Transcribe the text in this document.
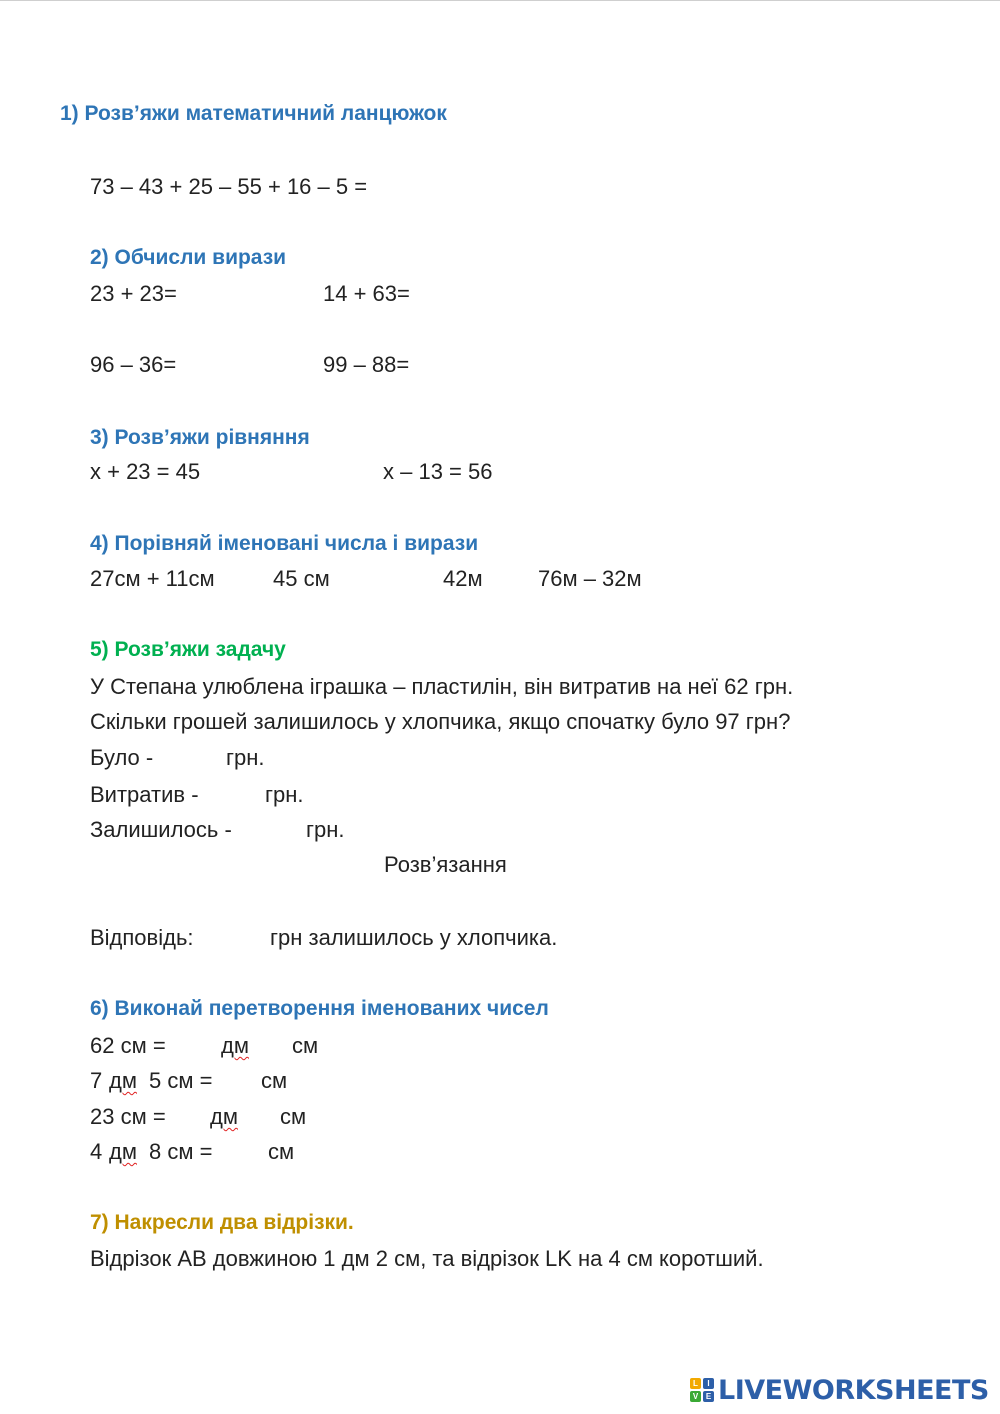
1) Розв’яжи математичний ланцюжок
73 – 43 + 25 – 55 + 16 – 5 =
2) Обчисли вирази
23 + 23=	14 + 63=
96 – 36=	99 – 88=
3) Розв’яжи рівняння
x + 23 = 45	x – 13 = 56
4) Порівняй іменовані числа і вирази
27см + 11см	45 см	42м	76м – 32м
5) Розв’яжи задачу
У Степана улюблена іграшка – пластилін, він витратив на неї 62 грн.
Скільки грошей залишилось у хлопчика, якщо спочатку було 97 грн?
Було -	грн.
Витратив -	грн.
Залишилось -	грн.
Розв’язання
Відповідь:	грн залишилось у хлопчика.
6) Виконай перетворення іменованих чисел
62 см =	дм см
7 дм 5 см = см
23 см = дм см
4 дм 8 см =	см
7) Накресли два відрізки.
Відрізок АВ довжиною 1 дм 2 см, та відрізок LK на 4 см коротший.
L	I
V E LIVEWORKSHEETS
